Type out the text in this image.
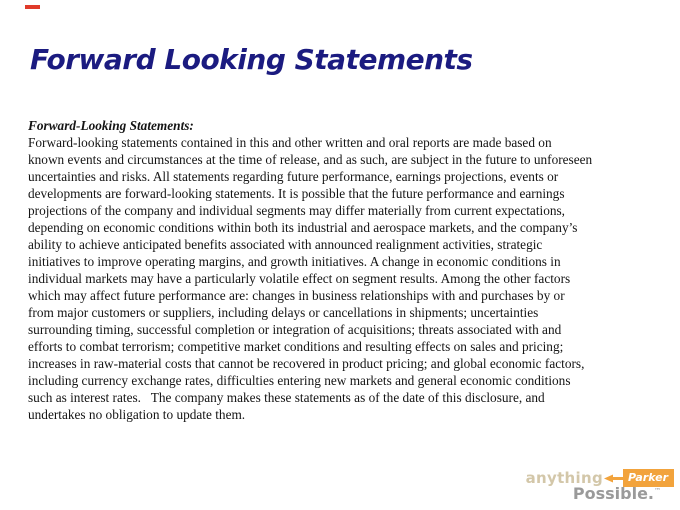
Forward Looking Statements
Forward-Looking Statements:
Forward-looking statements contained in this and other written and oral reports are made based on
known events and circumstances at the time of release, and as such, are subject in the future to unforeseen
uncertainties and risks. All statements regarding future performance, earnings projections, events or
developments are forward-looking statements. It is possible that the future performance and earnings
projections of the company and individual segments may differ materially from current expectations,
depending on economic conditions within both its industrial and aerospace markets, and the company’s
ability to achieve anticipated benefits associated with announced realignment activities, strategic
initiatives to improve operating margins, and growth initiatives. A change in economic conditions in
individual markets may have a particularly volatile effect on segment results. Among the other factors
which may affect future performance are: changes in business relationships with and purchases by or
from major customers or suppliers, including delays or cancellations in shipments; uncertainties
surrounding timing, successful completion or integration of acquisitions; threats associated with and
efforts to combat terrorism; competitive market conditions and resulting effects on sales and pricing;
increases in raw-material costs that cannot be recovered in product pricing; and global economic factors,
including currency exchange rates, difficulties entering new markets and general economic conditions
such as interest rates.   The company makes these statements as of the date of this disclosure, and
undertakes no obligation to update them.
anything	Parker
Possible.™
